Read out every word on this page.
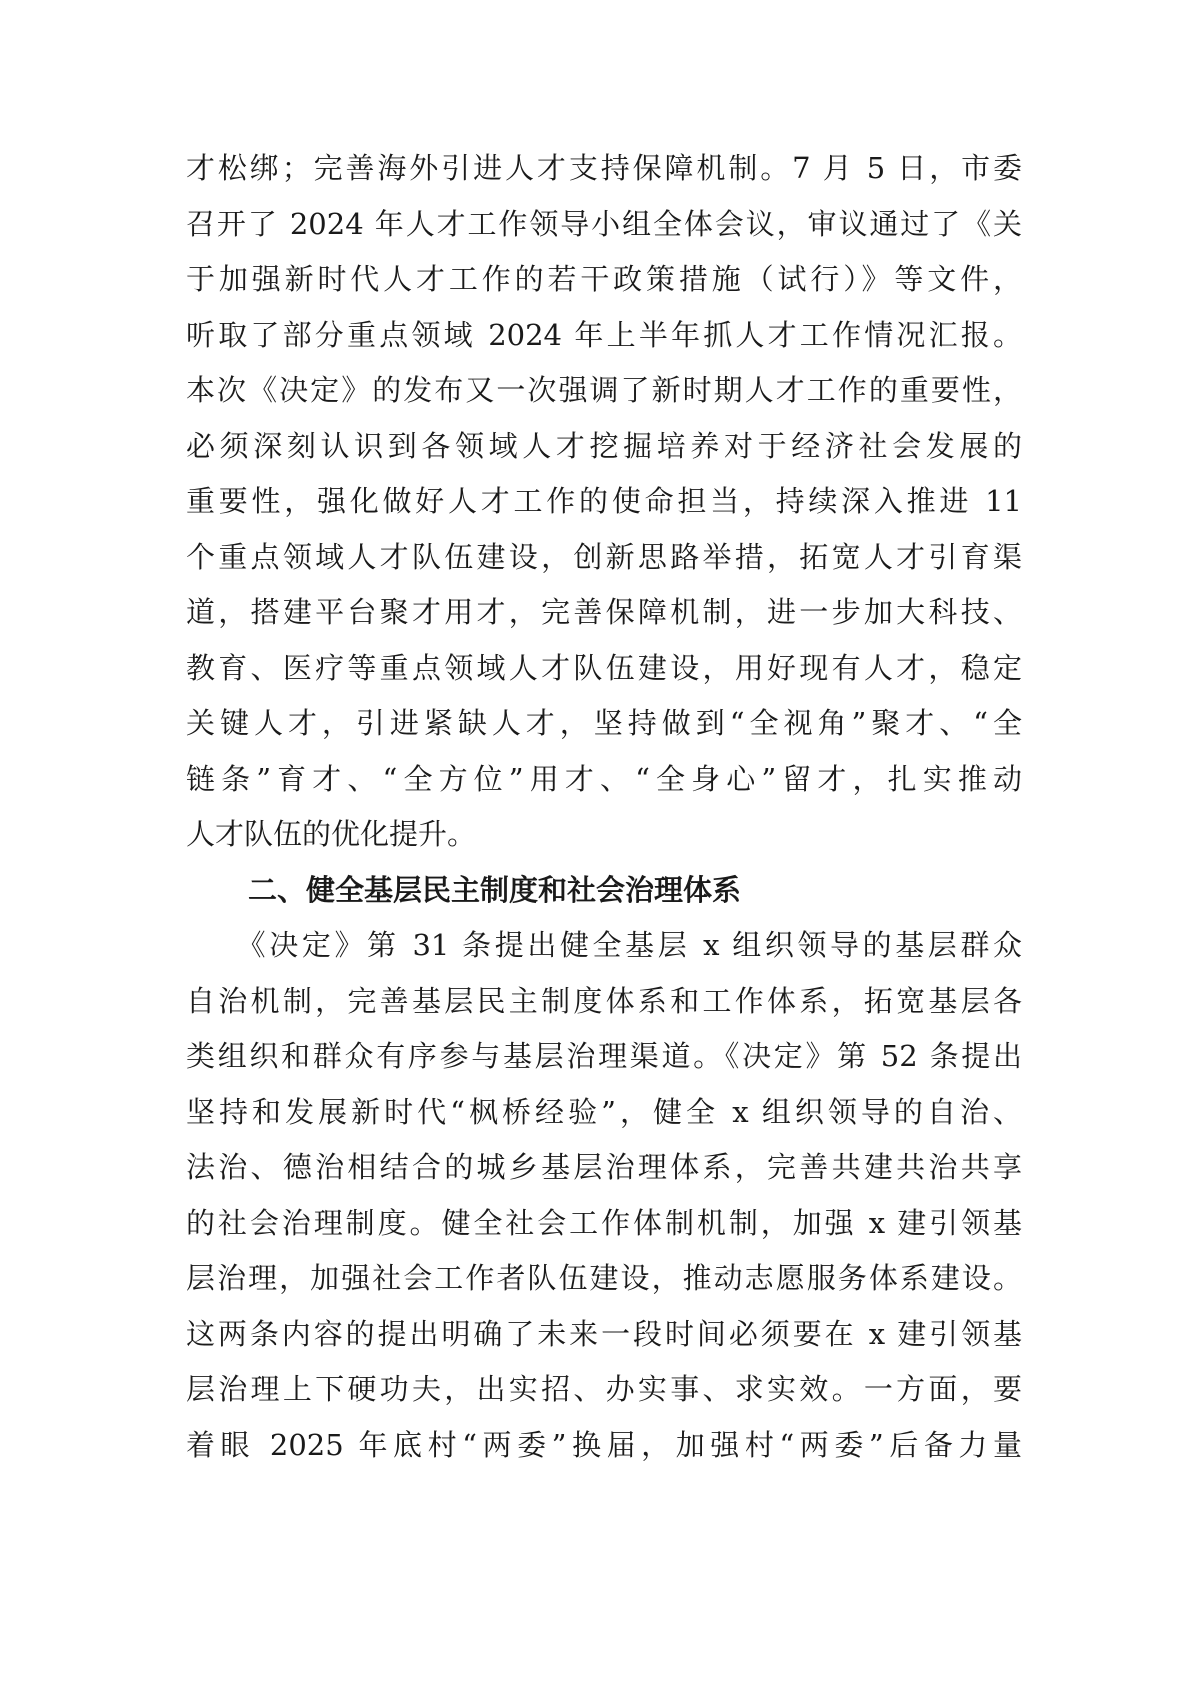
才松绑；完善海外引进人才支持保障机制。7 月 5 日，市委
召开了 2024 年人才工作领导小组全体会议，审议通过了《关
于加强新时代人才工作的若干政策措施（试行）》等文件，
听取了部分重点领域 2024 年上半年抓人才工作情况汇报。
本次《决定》的发布又一次强调了新时期人才工作的重要性，
必须深刻认识到各领域人才挖掘培养对于经济社会发展的
重要性，强化做好人才工作的使命担当，持续深入推进 11
个重点领域人才队伍建设，创新思路举措，拓宽人才引育渠
道，搭建平台聚才用才，完善保障机制，进一步加大科技、
教育、医疗等重点领域人才队伍建设，用好现有人才，稳定
关键人才，引进紧缺人才，坚持做到“全视角”聚才、“全
链条”育才、“全方位”用才、“全身心”留才，扎实推动
人才队伍的优化提升。
二、健全基层民主制度和社会治理体系
　　《决定》第 31 条提出健全基层 x 组织领导的基层群众
自治机制，完善基层民主制度体系和工作体系，拓宽基层各
类组织和群众有序参与基层治理渠道。《决定》第 52 条提出
坚持和发展新时代“枫桥经验”，健全 x 组织领导的自治、
法治、德治相结合的城乡基层治理体系，完善共建共治共享
的社会治理制度。健全社会工作体制机制，加强 x 建引领基
层治理，加强社会工作者队伍建设，推动志愿服务体系建设。
这两条内容的提出明确了未来一段时间必须要在 x 建引领基
层治理上下硬功夫，出实招、办实事、求实效。一方面，要
着眼 2025 年底村“两委”换届，加强村“两委”后备力量
